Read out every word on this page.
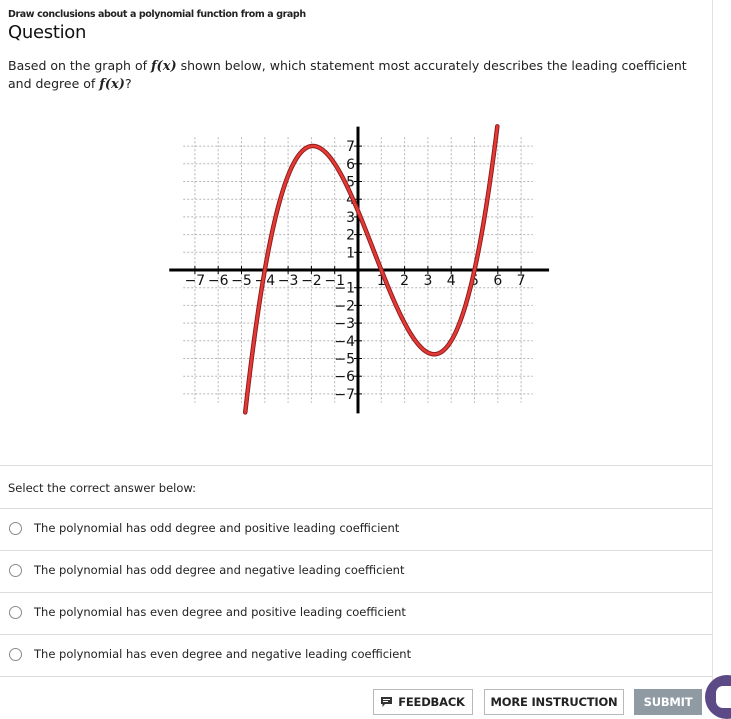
Draw conclusions about a polynomial function from a graph
Question
Based on the graph of f(x) shown below, which statement most accurately describes the leading coefficient and degree of f(x)?
−7 −6 −5 −4 −3 −2 −1 1 2 3 4 5 6 7
7
6
5
4
3
2
1
−1
−2
−3
−4
−5
−6
−7
Select the correct answer below:
The polynomial has odd degree and positive leading coefficient
The polynomial has odd degree and negative leading coefficient
The polynomial has even degree and positive leading coefficient
The polynomial has even degree and negative leading coefficient
FEEDBACK MORE INSTRUCTION SUBMIT
